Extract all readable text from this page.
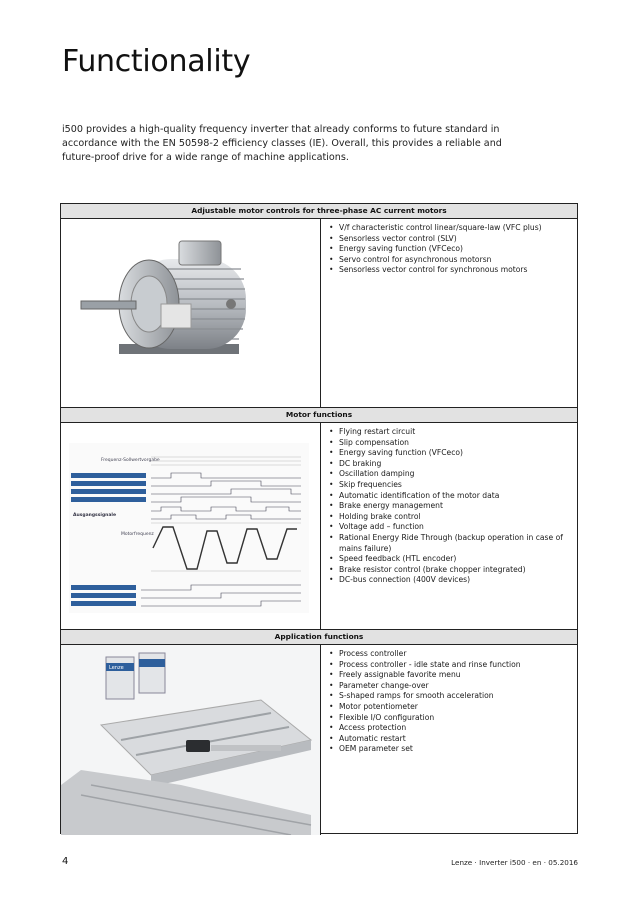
Functionality
i500 provides a high-quality frequency inverter that already conforms to future standard in accordance with the EN 50598-2 efficiency classes (IE). Overall, this provides a reliable and future-proof drive for a wide range of machine applications.
Adjustable motor controls for three-phase AC current motors
• V/f characteristic control linear/square-law (VFC plus)
• Sensorless vector control (SLV)
• Energy saving function (VFCeco)
• Servo control for asynchronous motorsn
• Sensorless vector control for synchronous motors
Motor functions
Frequenz-Sollwertvorgabe
Ausgangssignale
Motorfrequenz
• Flying restart circuit
• Slip compensation
• Energy saving function (VFCeco)
• DC braking
• Oscillation damping
• Skip frequencies
• Automatic identification of the motor data
• Brake energy management
• Holding brake control
• Voltage add – function
• Rational Energy Ride Through (backup operation in case of mains failure)
• Speed feedback (HTL encoder)
• Brake resistor control (brake chopper integrated)
• DC-bus connection (400V devices)
Application functions
Lenze
• Process controller
• Process controller - idle state and rinse function
• Freely assignable favorite menu
• Parameter change-over
• S-shaped ramps for smooth acceleration
• Motor potentiometer
• Flexible I/O configuration
• Access protection
• Automatic restart
• OEM parameter set
4	Lenze · Inverter i500 · en · 05.2016
